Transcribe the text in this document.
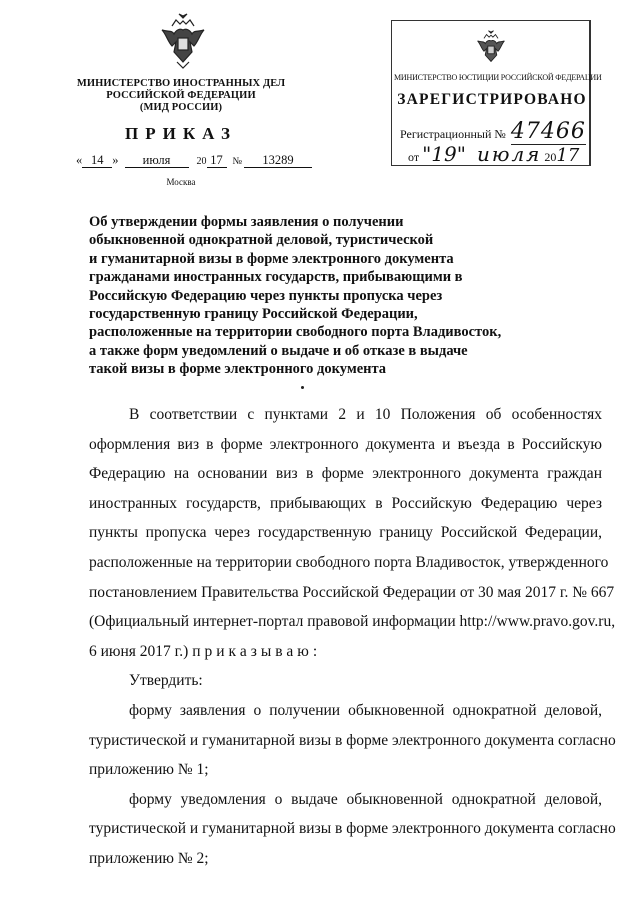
МИНИСТЕРСТВО ИНОСТРАННЫХ ДЕЛ
РОССИЙСКОЙ ФЕДЕРАЦИИ
(МИД РОССИИ)
ПРИКАЗ
« 14 » июля	20 17 № 13289
Москва
МИНИСТЕРСТВО ЮСТИЦИИ РОССИЙСКОЙ ФЕДЕРАЦИИ
ЗАРЕГИСТРИРОВАНО
Регистрационный № 47466
от "19" июля 2017
Об утверждении формы заявления о получении
обыкновенной однократной деловой, туристической
и гуманитарной визы в форме электронного документа
гражданами иностранных государств, прибывающими в
Российскую Федерацию через пункты пропуска через
государственную границу Российской Федерации,
расположенные на территории свободного порта Владивосток,
а также форм уведомлений о выдаче и об отказе в выдаче
такой визы в форме электронного документа
В соответствии с пунктами 2 и 10 Положения об особенностях
оформления виз в форме электронного документа и въезда в Российскую
Федерацию на основании виз в форме электронного документа граждан
иностранных государств, прибывающих в Российскую Федерацию через
пункты пропуска через государственную границу Российской Федерации,
расположенные на территории свободного порта Владивосток, утвержденного
постановлением Правительства Российской Федерации от 30 мая 2017 г. № 667
(Официальный интернет-портал правовой информации http://www.pravo.gov.ru,
6 июня 2017 г.) приказываю:
Утвердить:
форму заявления о получении обыкновенной однократной деловой,
туристической и гуманитарной визы в форме электронного документа согласно
приложению № 1;
форму уведомления о выдаче обыкновенной однократной деловой,
туристической и гуманитарной визы в форме электронного документа согласно
приложению № 2;
